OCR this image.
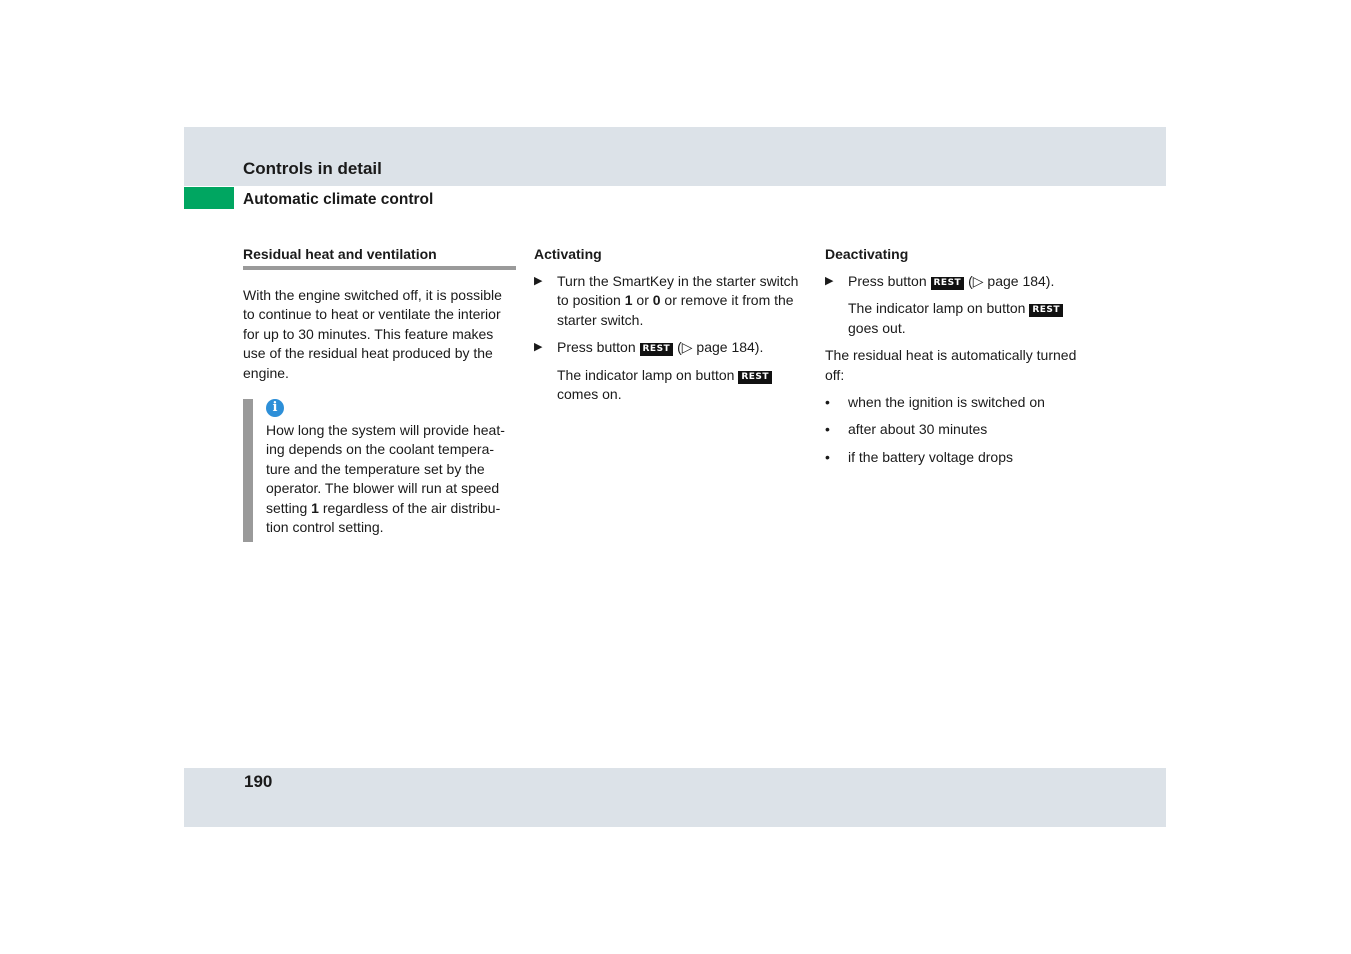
Controls in detail
Automatic climate control
Residual heat and ventilation

With the engine switched off, it is possible to continue to heat or ventilate the interior for up to 30 minutes. This feature makes use of the residual heat produced by the engine.

i

How long the system will provide heat-ing depends on the coolant tempera-ture and the temperature set by the operator. The blower will run at speed setting 1 regardless of the air distribu-tion control setting.

Activating
▶ Turn the SmartKey in the starter switch to position 1 or 0 or remove it from the starter switch.
▶ Press button REST (▷ page 184).
The indicator lamp on button REST comes on.
Deactivating
▶ Press button REST (▷ page 184).
The indicator lamp on button REST goes out.

The residual heat is automatically turned off:

• when the ignition is switched on
• after about 30 minutes
• if the battery voltage drops
190
